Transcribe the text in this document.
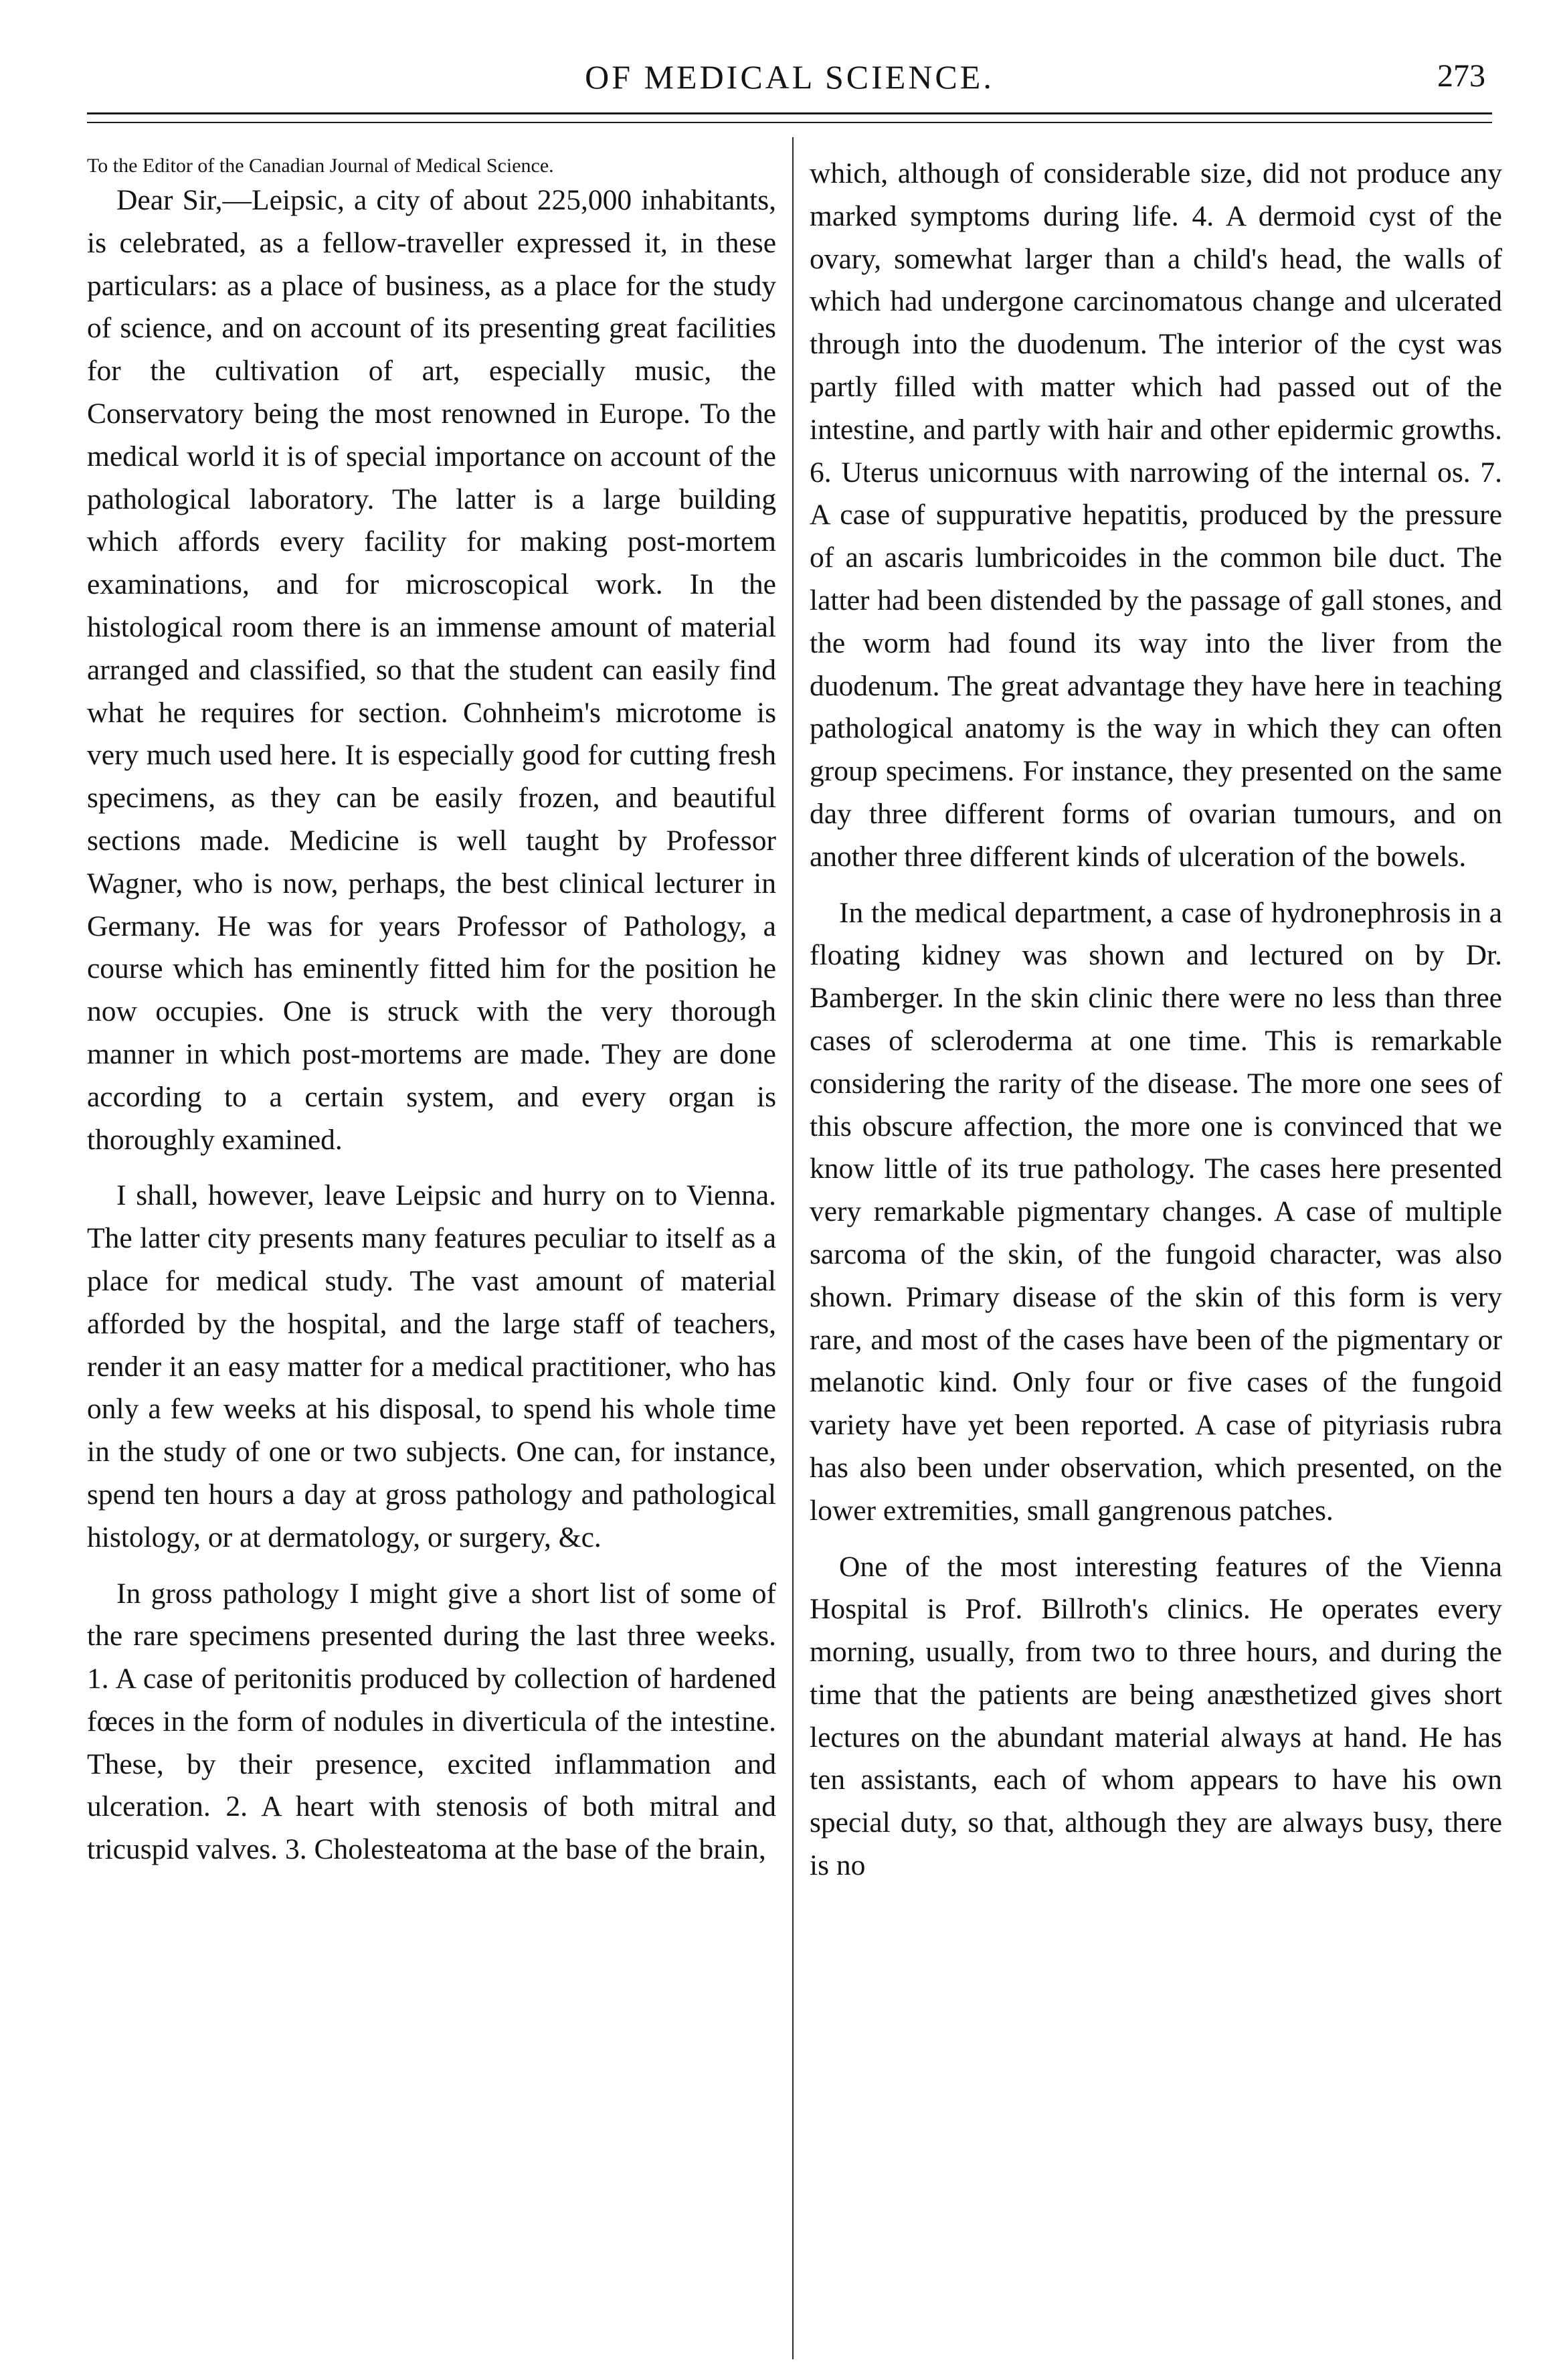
OF MEDICAL SCIENCE.	273

To the Editor of the Canadian Journal of Medical Science.

Dear Sir,—Leipsic, a city of about 225,000 inhabitants, is celebrated, as a fellow-traveller expressed it, in these particulars: as a place of business, as a place for the study of science, and on account of its presenting great facilities for the cultivation of art, especially music, the Conservatory being the most renowned in Europe. To the medical world it is of special importance on account of the pathological laboratory. The latter is a large building which affords every facility for making post-mortem examinations, and for microscopical work. In the histological room there is an immense amount of material arranged and classified, so that the student can easily find what he requires for section. Cohnheim's microtome is very much used here. It is especially good for cutting fresh specimens, as they can be easily frozen, and beautiful sections made. Medicine is well taught by Professor Wagner, who is now, perhaps, the best clinical lecturer in Germany. He was for years Professor of Pathology, a course which has eminently fitted him for the position he now occupies. One is struck with the very thorough manner in which post-mortems are made. They are done according to a certain system, and every organ is thoroughly examined.

I shall, however, leave Leipsic and hurry on to Vienna. The latter city presents many features peculiar to itself as a place for medical study. The vast amount of material afforded by the hospital, and the large staff of teachers, render it an easy matter for a medical practitioner, who has only a few weeks at his disposal, to spend his whole time in the study of one or two subjects. One can, for instance, spend ten hours a day at gross pathology and pathological histology, or at dermatology, or surgery, &c.

In gross pathology I might give a short list of some of the rare specimens presented during the last three weeks. 1. A case of peritonitis produced by collection of hardened fœces in the form of nodules in diverticula of the intestine. These, by their presence, excited inflammation and ulceration. 2. A heart with stenosis of both mitral and tricuspid valves. 3. Cholesteatoma at the base of the brain,

which, although of considerable size, did not produce any marked symptoms during life. 4. A dermoid cyst of the ovary, somewhat larger than a child's head, the walls of which had undergone carcinomatous change and ulcerated through into the duodenum. The interior of the cyst was partly filled with matter which had passed out of the intestine, and partly with hair and other epidermic growths. 6. Uterus unicornuus with narrowing of the internal os. 7. A case of suppurative hepatitis, produced by the pressure of an ascaris lumbricoides in the common bile duct. The latter had been distended by the passage of gall stones, and the worm had found its way into the liver from the duodenum. The great advantage they have here in teaching pathological anatomy is the way in which they can often group specimens. For instance, they presented on the same day three different forms of ovarian tumours, and on another three different kinds of ulceration of the bowels.

In the medical department, a case of hydronephrosis in a floating kidney was shown and lectured on by Dr. Bamberger. In the skin clinic there were no less than three cases of scleroderma at one time. This is remarkable considering the rarity of the disease. The more one sees of this obscure affection, the more one is convinced that we know little of its true pathology. The cases here presented very remarkable pigmentary changes. A case of multiple sarcoma of the skin, of the fungoid character, was also shown. Primary disease of the skin of this form is very rare, and most of the cases have been of the pigmentary or melanotic kind. Only four or five cases of the fungoid variety have yet been reported. A case of pityriasis rubra has also been under observation, which presented, on the lower extremities, small gangrenous patches.

One of the most interesting features of the Vienna Hospital is Prof. Billroth's clinics. He operates every morning, usually, from two to three hours, and during the time that the patients are being anæsthetized gives short lectures on the abundant material always at hand. He has ten assistants, each of whom appears to have his own special duty, so that, although they are always busy, there is no
